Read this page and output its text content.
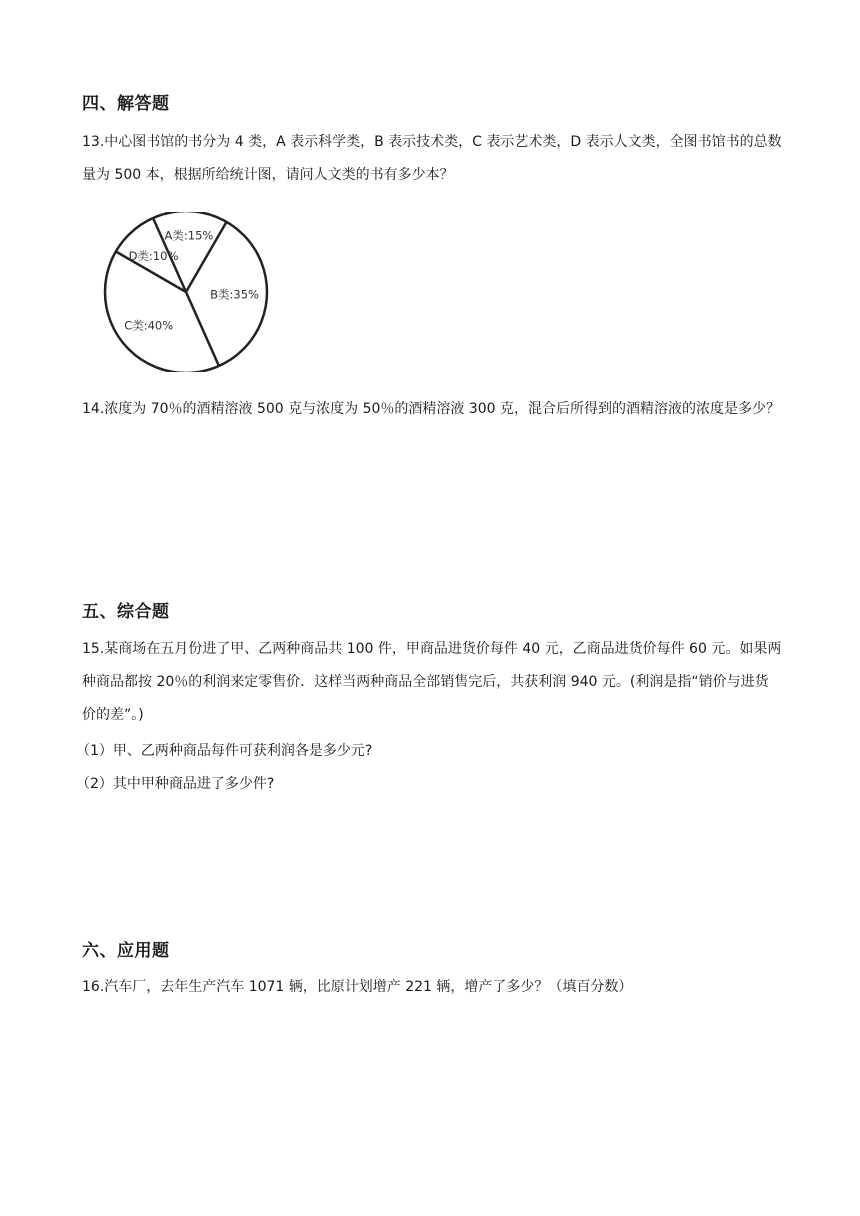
四、解答题
13.中心图书馆的书分为 4 类，A 表示科学类，B 表示技术类，C 表示艺术类，D 表示人文类，全图书馆书的总数量为 500 本，根据所给统计图，请问人文类的书有多少本？
A类:15%
B类:35%
C类:40%
D类:10%
14.浓度为 70％的酒精溶液 500 克与浓度为 50％的酒精溶液 300 克，混合后所得到的酒精溶液的浓度是多少？
五、综合题
15.某商场在五月份进了甲、乙两种商品共 100 件，甲商品进货价每件 40 元，乙商品进货价每件 60 元。如果两种商品都按 20％的利润来定零售价．这样当两种商品全部销售完后，共获利润 940 元。(利润是指“销价与进货价的差”。)
（1）甲、乙两种商品每件可获利润各是多少元?
（2）其中甲种商品进了多少件?
六、应用题
16.汽车厂，去年生产汽车 1071 辆，比原计划增产 221 辆，增产了多少？（填百分数）
